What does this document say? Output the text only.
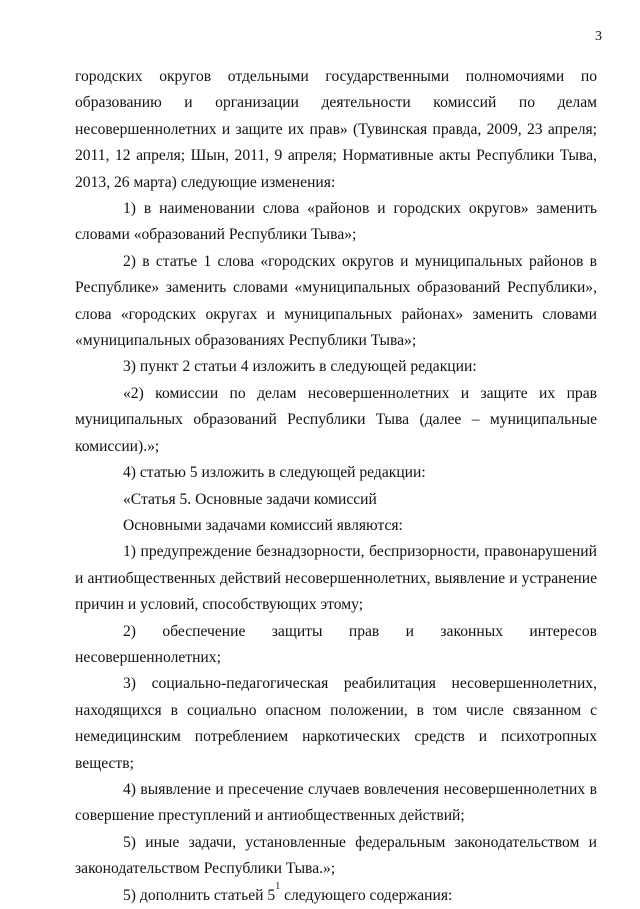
3

городских округов отдельными государственными полномочиями по образованию и организации деятельности комиссий по делам несовершеннолетних и защите их прав» (Тувинская правда, 2009, 23 апреля; 2011, 12 апреля; Шын, 2011, 9 апреля; Нормативные акты Республики Тыва, 2013, 26 марта) следующие изменения:

1) в наименовании слова «районов и городских округов» заменить словами «образований Республики Тыва»;

2) в статье 1 слова «городских округов и муниципальных районов в Республике» заменить словами «муниципальных образований Республики», слова «городских округах и муниципальных районах» заменить словами «муниципальных образованиях Республики Тыва»;

3) пункт 2 статьи 4 изложить в следующей редакции:

«2) комиссии по делам несовершеннолетних и защите их прав муниципальных образований Республики Тыва (далее – муниципальные комиссии).»;

4) статью 5 изложить в следующей редакции:

«Статья 5. Основные задачи комиссий

Основными задачами комиссий являются:

1) предупреждение безнадзорности, беспризорности, правонарушений и антиобщественных действий несовершеннолетних, выявление и устранение причин и условий, способствующих этому;

2) обеспечение защиты прав и законных интересов несовершеннолетних;

3) социально-педагогическая реабилитация несовершеннолетних, находящихся в социально опасном положении, в том числе связанном с немедицинским потреблением наркотических средств и психотропных веществ;

4) выявление и пресечение случаев вовлечения несовершеннолетних в совершение преступлений и антиобщественных действий;

5) иные задачи, установленные федеральным законодательством и законодательством Республики Тыва.»;

5) дополнить статьей $5^1$ следующего содержания:
